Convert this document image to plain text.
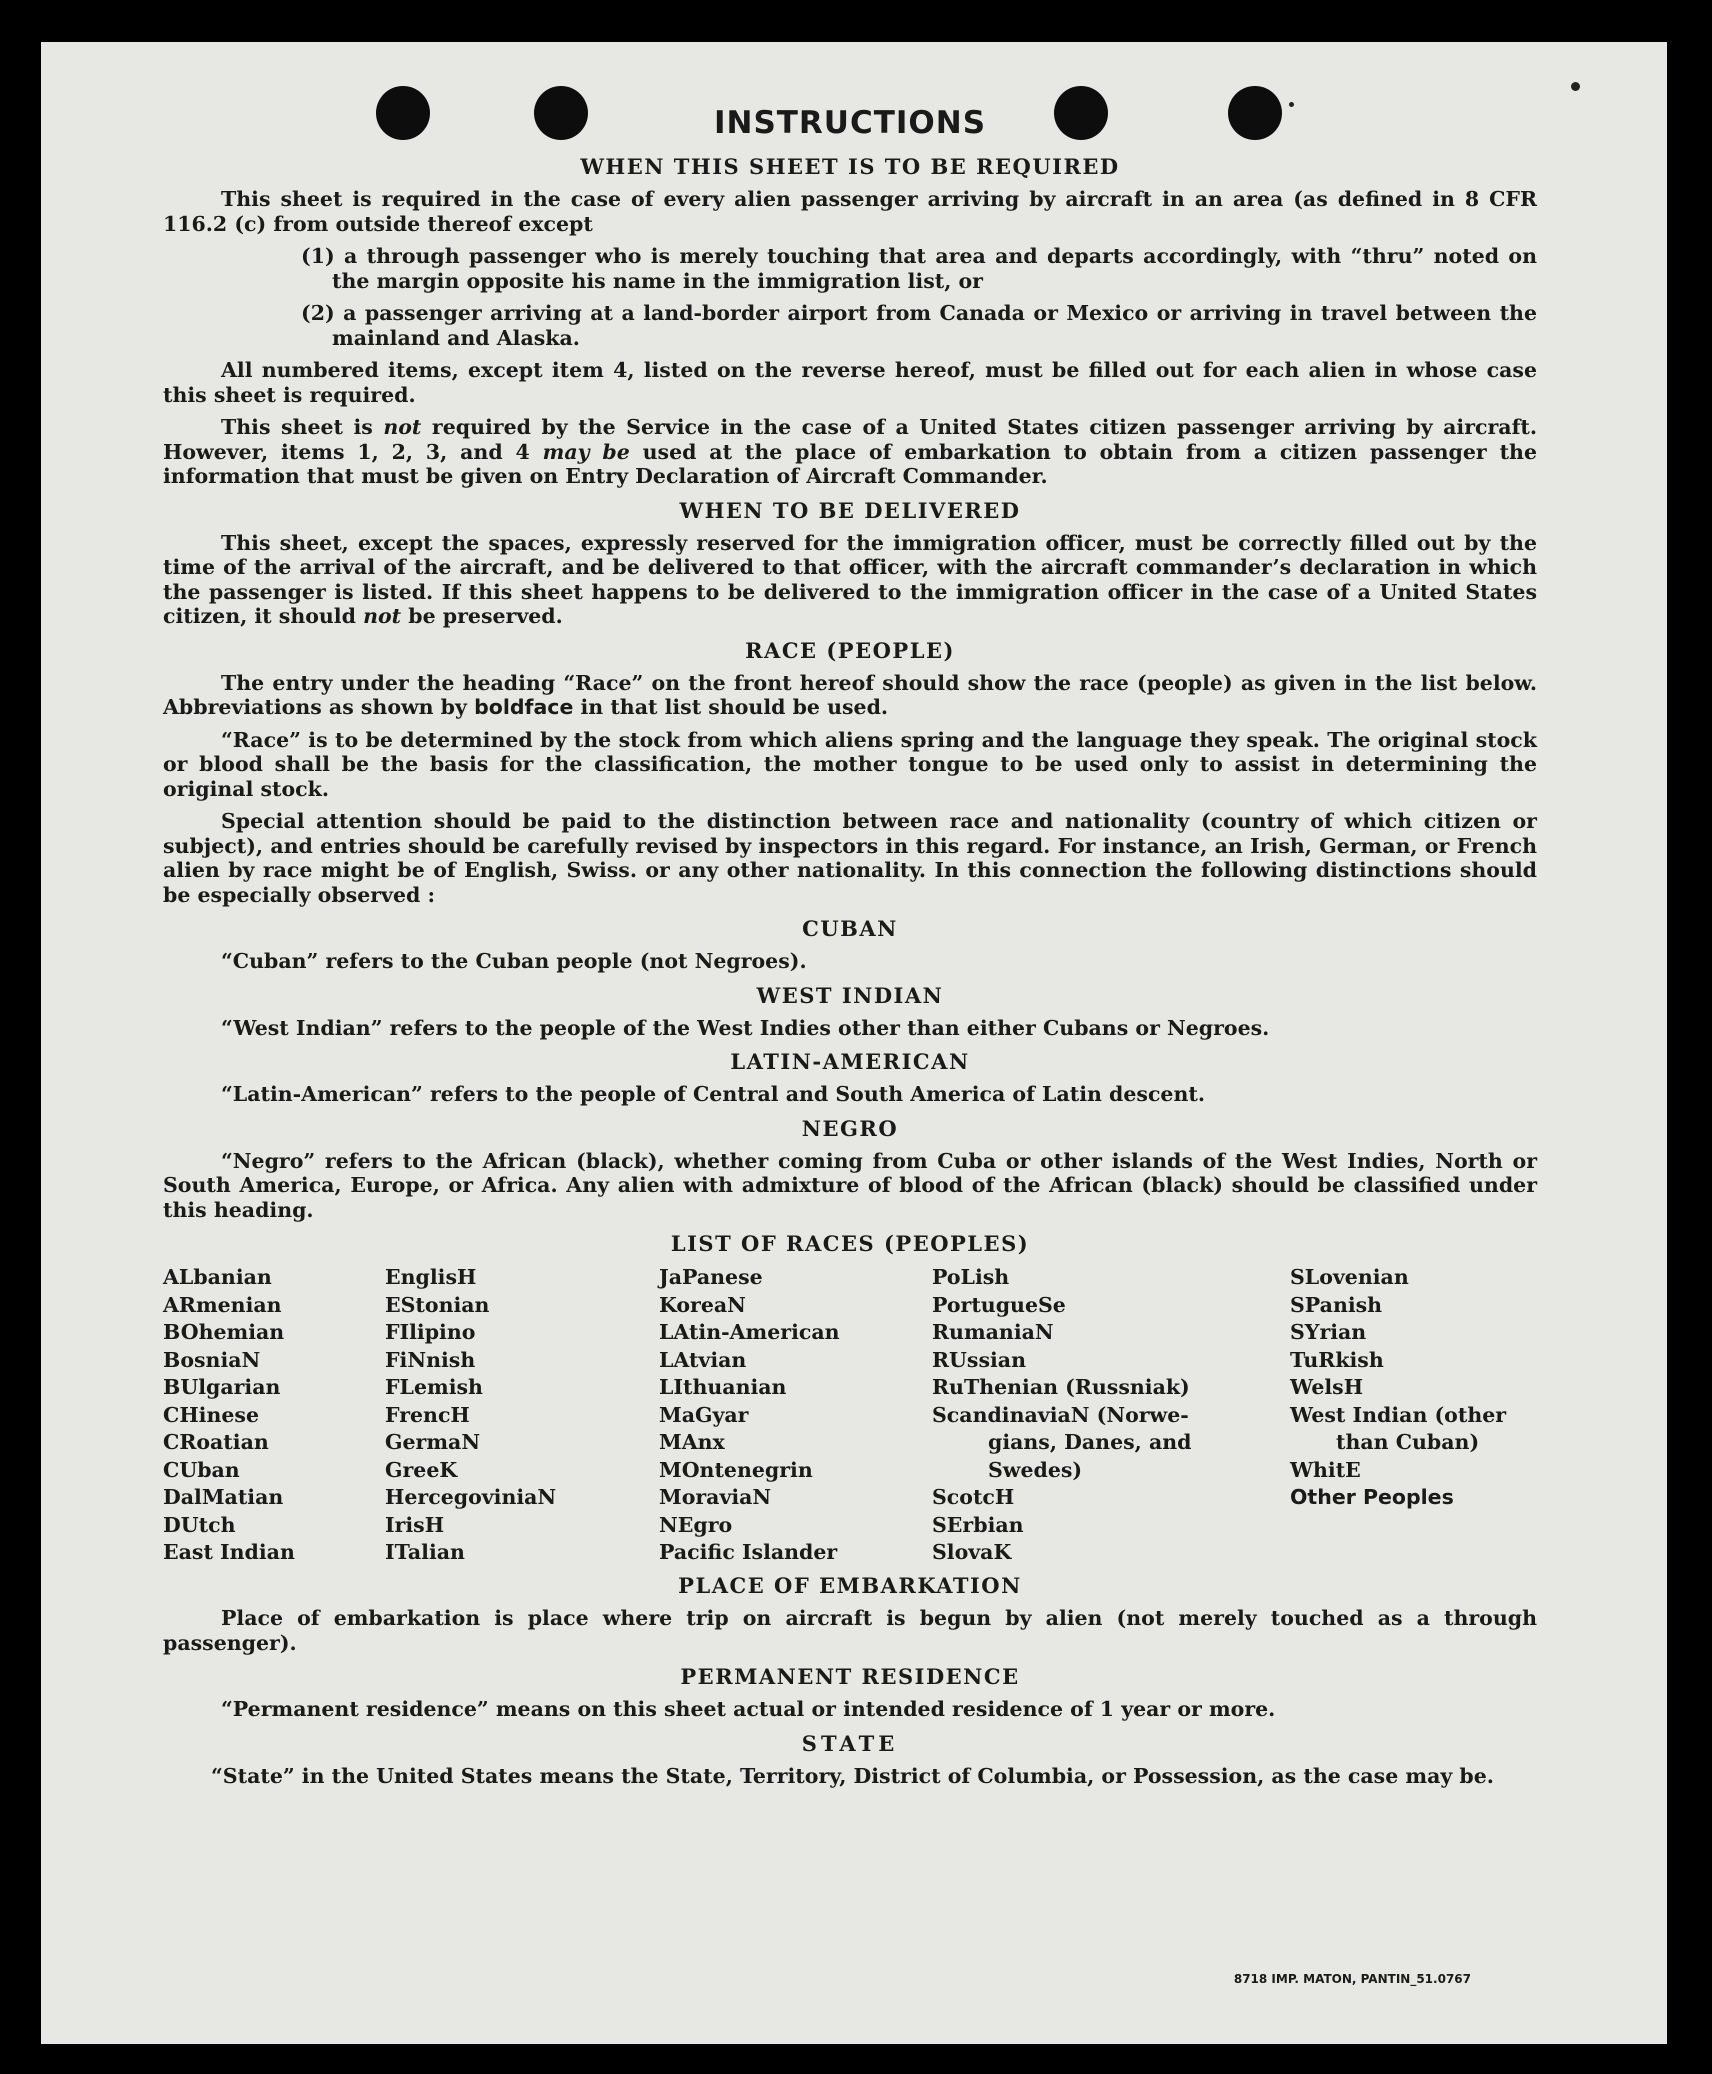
INSTRUCTIONS
WHEN THIS SHEET IS TO BE REQUIRED

This sheet is required in the case of every alien passenger arriving by aircraft in an area (as defined in 8 CFR 116.2 (c) from outside thereof except

(1) a through passenger who is merely touching that area and departs accordingly, with “thru” noted on the margin opposite his name in the immigration list, or

(2) a passenger arriving at a land-border airport from Canada or Mexico or arriving in travel between the mainland and Alaska.

All numbered items, except item 4, listed on the reverse hereof, must be filled out for each alien in whose case this sheet is required.

This sheet is not required by the Service in the case of a United States citizen passenger arriving by aircraft. However, items 1, 2, 3, and 4 may be used at the place of embarkation to obtain from a citizen passenger the information that must be given on Entry Declaration of Aircraft Commander.

WHEN TO BE DELIVERED

This sheet, except the spaces, expressly reserved for the immigration officer, must be correctly filled out by the time of the arrival of the aircraft, and be delivered to that officer, with the aircraft commander’s declaration in which the passenger is listed. If this sheet happens to be delivered to the immigration officer in the case of a United States citizen, it should not be preserved.

RACE (PEOPLE)

The entry under the heading “Race” on the front hereof should show the race (people) as given in the list below. Abbreviations as shown by boldface in that list should be used.

“Race” is to be determined by the stock from which aliens spring and the language they speak. The original stock or blood shall be the basis for the classification, the mother tongue to be used only to assist in determining the original stock.

Special attention should be paid to the distinction between race and nationality (country of which citizen or subject), and entries should be carefully revised by inspectors in this regard. For instance, an Irish, German, or French alien by race might be of English, Swiss. or any other nationality. In this connection the following distinctions should be especially observed :

CUBAN

“Cuban” refers to the Cuban people (not Negroes).

WEST INDIAN

“West Indian” refers to the people of the West Indies other than either Cubans or Negroes.

LATIN-AMERICAN

“Latin-American” refers to the people of Central and South America of Latin descent.

NEGRO

“Negro” refers to the African (black), whether coming from Cuba or other islands of the West Indies, North or South America, Europe, or Africa. Any alien with admixture of blood of the African (black) should be classified under this heading.

LIST OF RACES (PEOPLES)
ALbanian
ARmenian
BOhemian
BosniaN
BUlgarian
CHinese
CRoatian
CUban
DalMatian
DUtch
East Indian
EnglisH
EStonian
FIlipino
FiNnish
FLemish
FrencH
GermaN
GreeK
HercegoviniaN
IrisH
ITalian
JaPanese
KoreaN
LAtin-American
LAtvian
LIthuanian
MaGyar
MAnx
MOntenegrin
MoraviaN
NEgro
Pacific Islander
PoLish
PortugueSe
RumaniaN
RUssian
RuThenian (Russniak)
ScandinaviaN (Norwe-
gians, Danes, and
Swedes)
ScotcH
SErbian
SlovaK
SLovenian
SPanish
SYrian
TuRkish
WelsH
West Indian (other
than Cuban)
WhitE
Other Peoples
PLACE OF EMBARKATION

Place of embarkation is place where trip on aircraft is begun by alien (not merely touched as a through passenger).

PERMANENT RESIDENCE

“Permanent residence” means on this sheet actual or intended residence of 1 year or more.

STATE

“State” in the United States means the State, Territory, District of Columbia, or Possession, as the case may be.

8718 IMP. MATON, PANTIN_51.0767
